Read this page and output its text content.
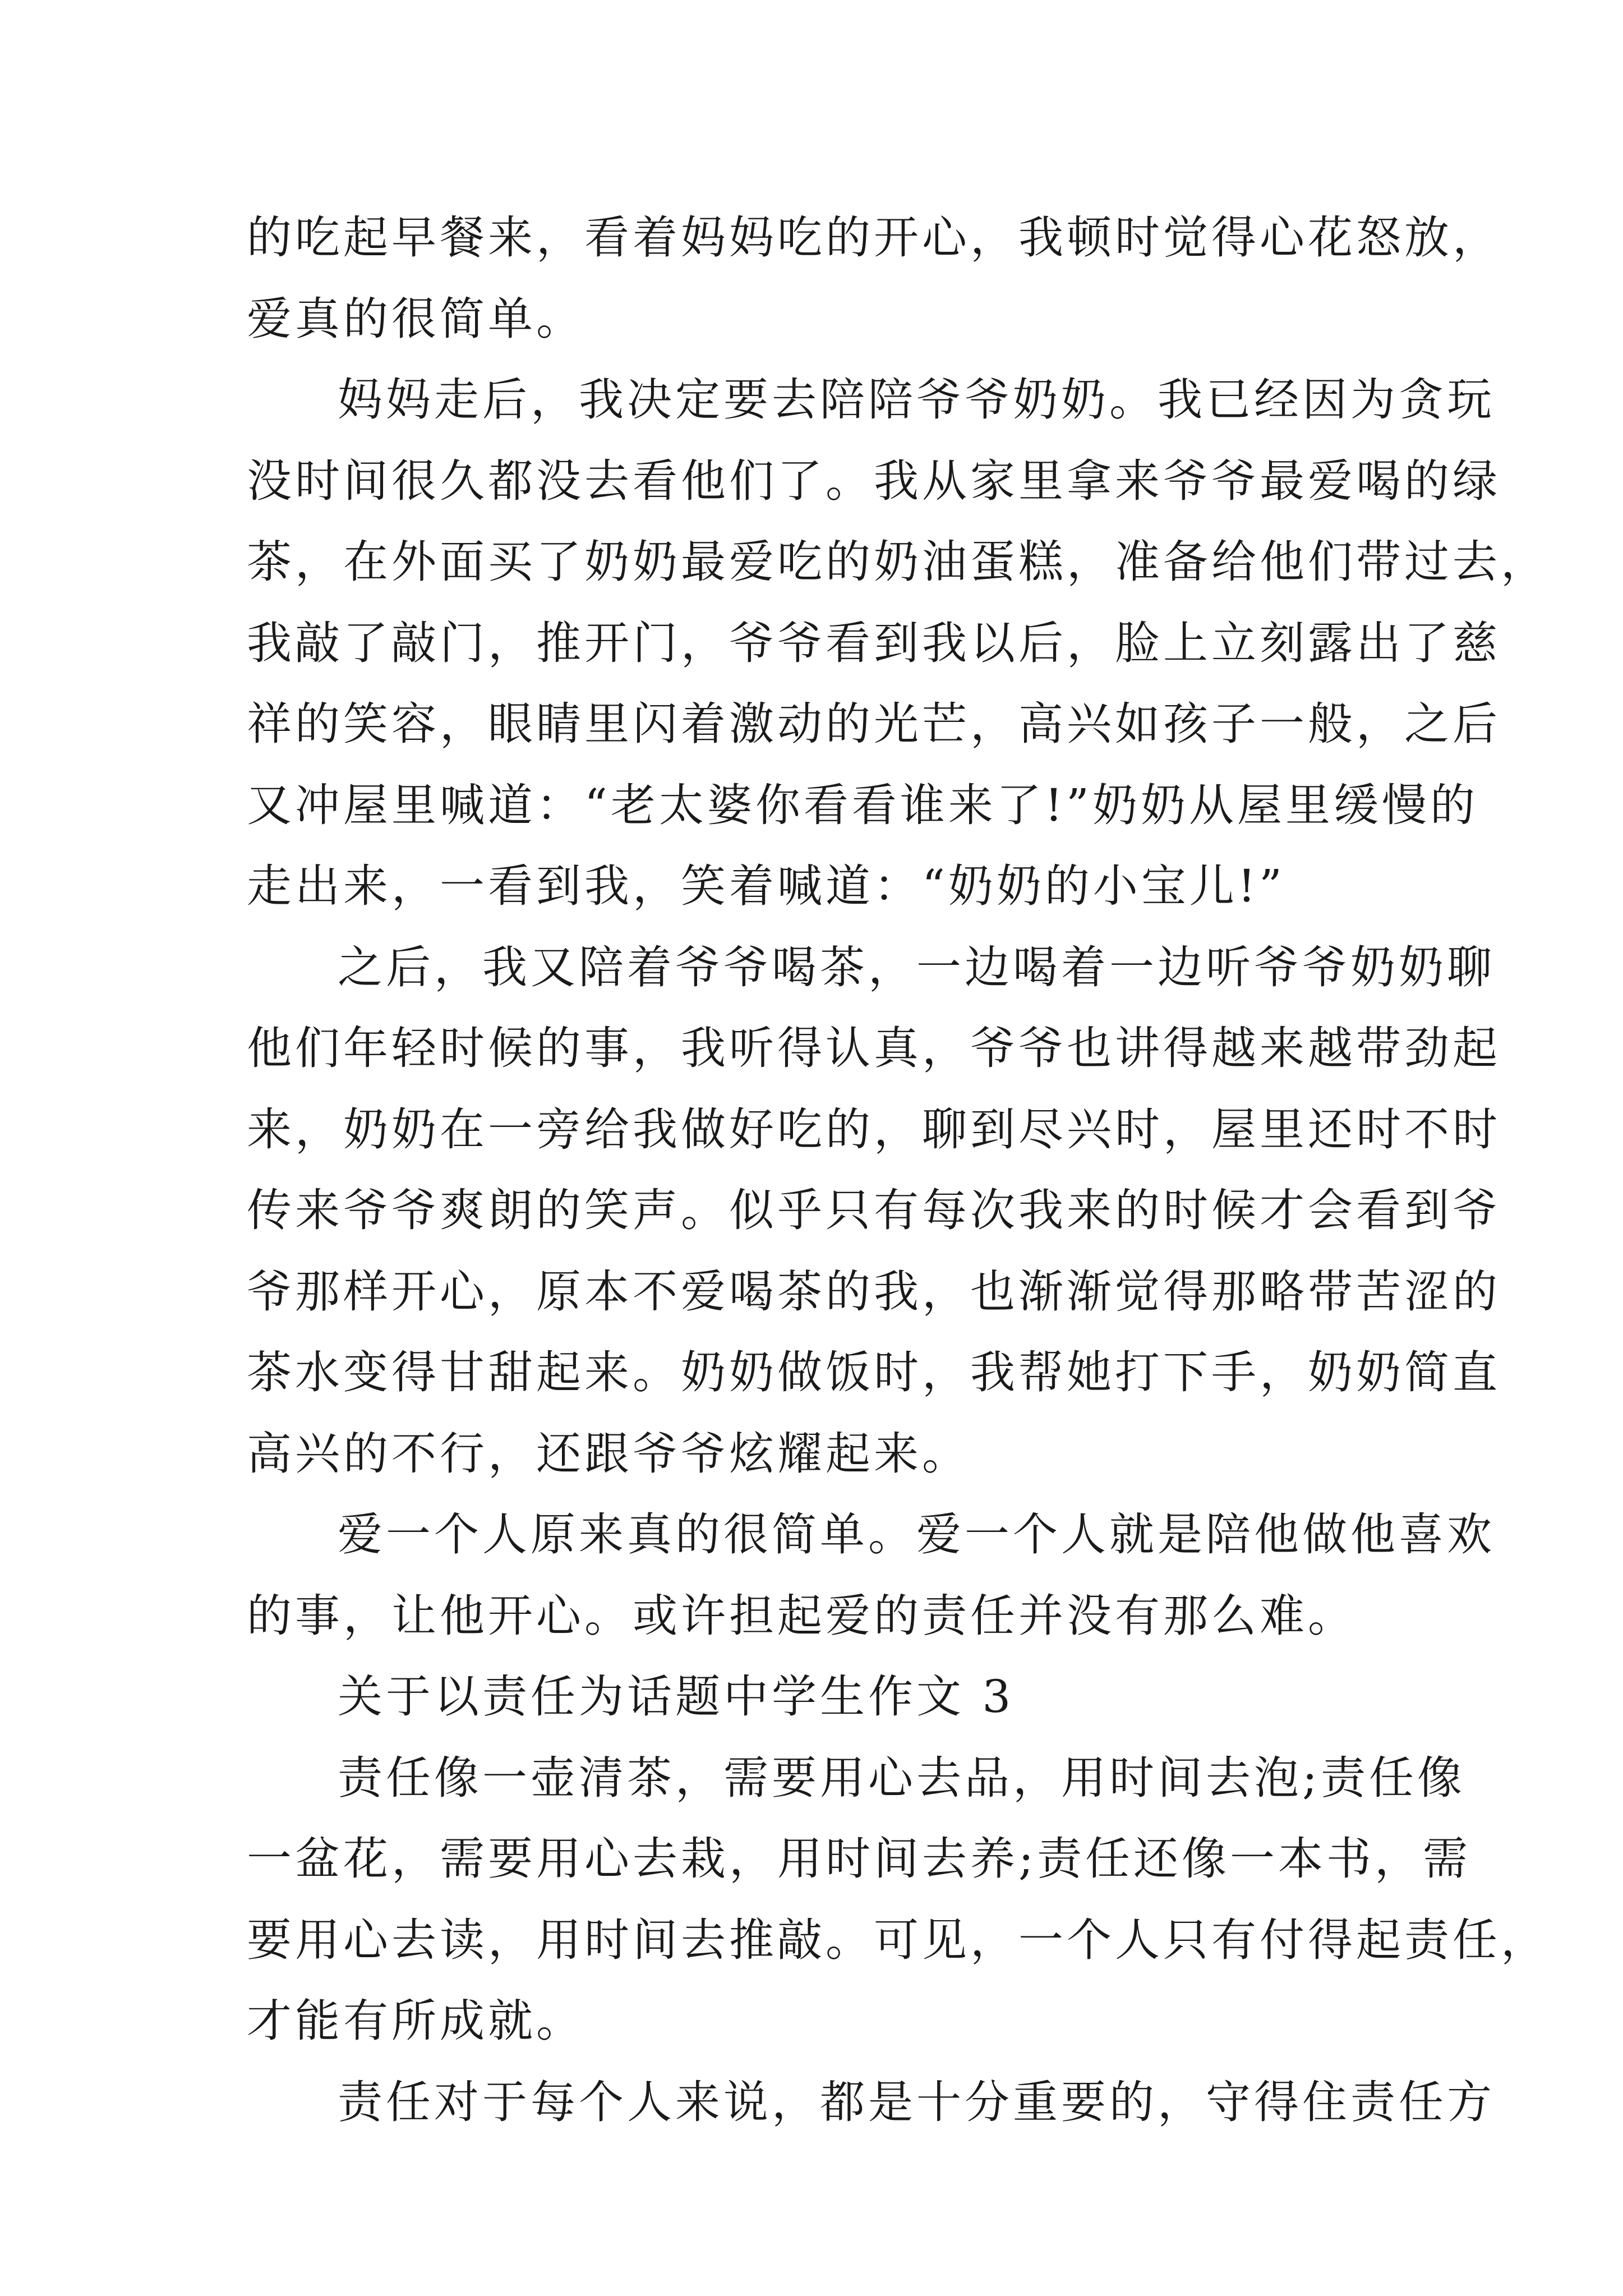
的吃起早餐来，看着妈妈吃的开心，我顿时觉得心花怒放，
爱真的很简单。
妈妈走后，我决定要去陪陪爷爷奶奶。我已经因为贪玩
没时间很久都没去看他们了。我从家里拿来爷爷最爱喝的绿
茶，在外面买了奶奶最爱吃的奶油蛋糕，准备给他们带过去，
我敲了敲门，推开门，爷爷看到我以后，脸上立刻露出了慈
祥的笑容，眼睛里闪着激动的光芒，高兴如孩子一般，之后
又冲屋里喊道：“老太婆你看看谁来了!”奶奶从屋里缓慢的
走出来，一看到我，笑着喊道：“奶奶的小宝儿!”
之后，我又陪着爷爷喝茶，一边喝着一边听爷爷奶奶聊
他们年轻时候的事，我听得认真，爷爷也讲得越来越带劲起
来，奶奶在一旁给我做好吃的，聊到尽兴时，屋里还时不时
传来爷爷爽朗的笑声。似乎只有每次我来的时候才会看到爷
爷那样开心，原本不爱喝茶的我，也渐渐觉得那略带苦涩的
茶水变得甘甜起来。奶奶做饭时，我帮她打下手，奶奶简直
高兴的不行，还跟爷爷炫耀起来。
爱一个人原来真的很简单。爱一个人就是陪他做他喜欢
的事，让他开心。或许担起爱的责任并没有那么难。
关于以责任为话题中学生作文 3
责任像一壶清茶，需要用心去品，用时间去泡;责任像
一盆花，需要用心去栽，用时间去养;责任还像一本书，需
要用心去读，用时间去推敲。可见，一个人只有付得起责任，
才能有所成就。
责任对于每个人来说，都是十分重要的，守得住责任方
